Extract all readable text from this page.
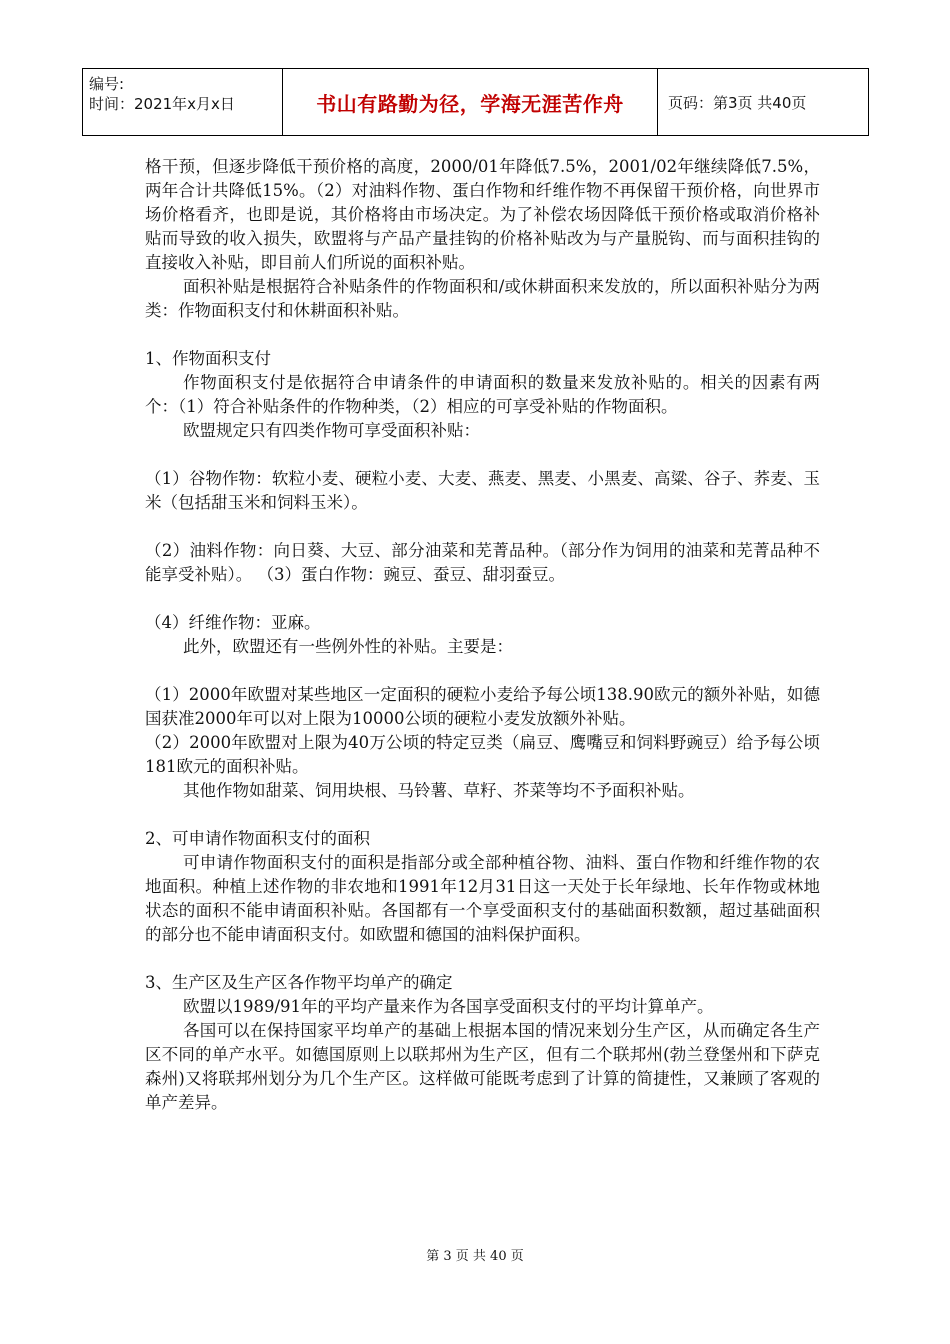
编号:
时间：2021年x月x日	书山有路勤为径，学海无涯苦作舟	页码：第3页 共40页
格干预，但逐步降低干预价格的高度，2000/01年降低7.5%，2001/02年继续降低7.5%，两年合计共降低15%。（2）对油料作物、蛋白作物和纤维作物不再保留干预价格，向世界市场价格看齐，也即是说，其价格将由市场决定。为了补偿农场因降低干预价格或取消价格补贴而导致的收入损失，欧盟将与产品产量挂钩的价格补贴改为与产量脱钩、而与面积挂钩的直接收入补贴，即目前人们所说的面积补贴。
面积补贴是根据符合补贴条件的作物面积和/或休耕面积来发放的，所以面积补贴分为两类：作物面积支付和休耕面积补贴。
1、作物面积支付
作物面积支付是依据符合申请条件的申请面积的数量来发放补贴的。相关的因素有两个：（1）符合补贴条件的作物种类，（2）相应的可享受补贴的作物面积。
欧盟规定只有四类作物可享受面积补贴：
（1）谷物作物：软粒小麦、硬粒小麦、大麦、燕麦、黑麦、小黑麦、高粱、谷子、荞麦、玉米（包括甜玉米和饲料玉米）。
（2）油料作物：向日葵、大豆、部分油菜和芜菁品种。（部分作为饲用的油菜和芜菁品种不能享受补贴）。 （3）蛋白作物：豌豆、蚕豆、甜羽蚕豆。
（4）纤维作物：亚麻。
此外，欧盟还有一些例外性的补贴。主要是：
（1）2000年欧盟对某些地区一定面积的硬粒小麦给予每公顷138.90欧元的额外补贴，如德国获准2000年可以对上限为10000公顷的硬粒小麦发放额外补贴。
（2）2000年欧盟对上限为40万公顷的特定豆类（扁豆、鹰嘴豆和饲料野豌豆）给予每公顷181欧元的面积补贴。
其他作物如甜菜、饲用块根、马铃薯、草籽、芥菜等均不予面积补贴。
2、可申请作物面积支付的面积
可申请作物面积支付的面积是指部分或全部种植谷物、油料、蛋白作物和纤维作物的农地面积。种植上述作物的非农地和1991年12月31日这一天处于长年绿地、长年作物或林地状态的面积不能申请面积补贴。各国都有一个享受面积支付的基础面积数额，超过基础面积的部分也不能申请面积支付。如欧盟和德国的油料保护面积。
3、生产区及生产区各作物平均单产的确定
欧盟以1989/91年的平均产量来作为各国享受面积支付的平均计算单产。
各国可以在保持国家平均单产的基础上根据本国的情况来划分生产区，从而确定各生产区不同的单产水平。如德国原则上以联邦州为生产区，但有二个联邦州(勃兰登堡州和下萨克森州)又将联邦州划分为几个生产区。这样做可能既考虑到了计算的简捷性，又兼顾了客观的单产差异。
第 3 页 共 40 页
